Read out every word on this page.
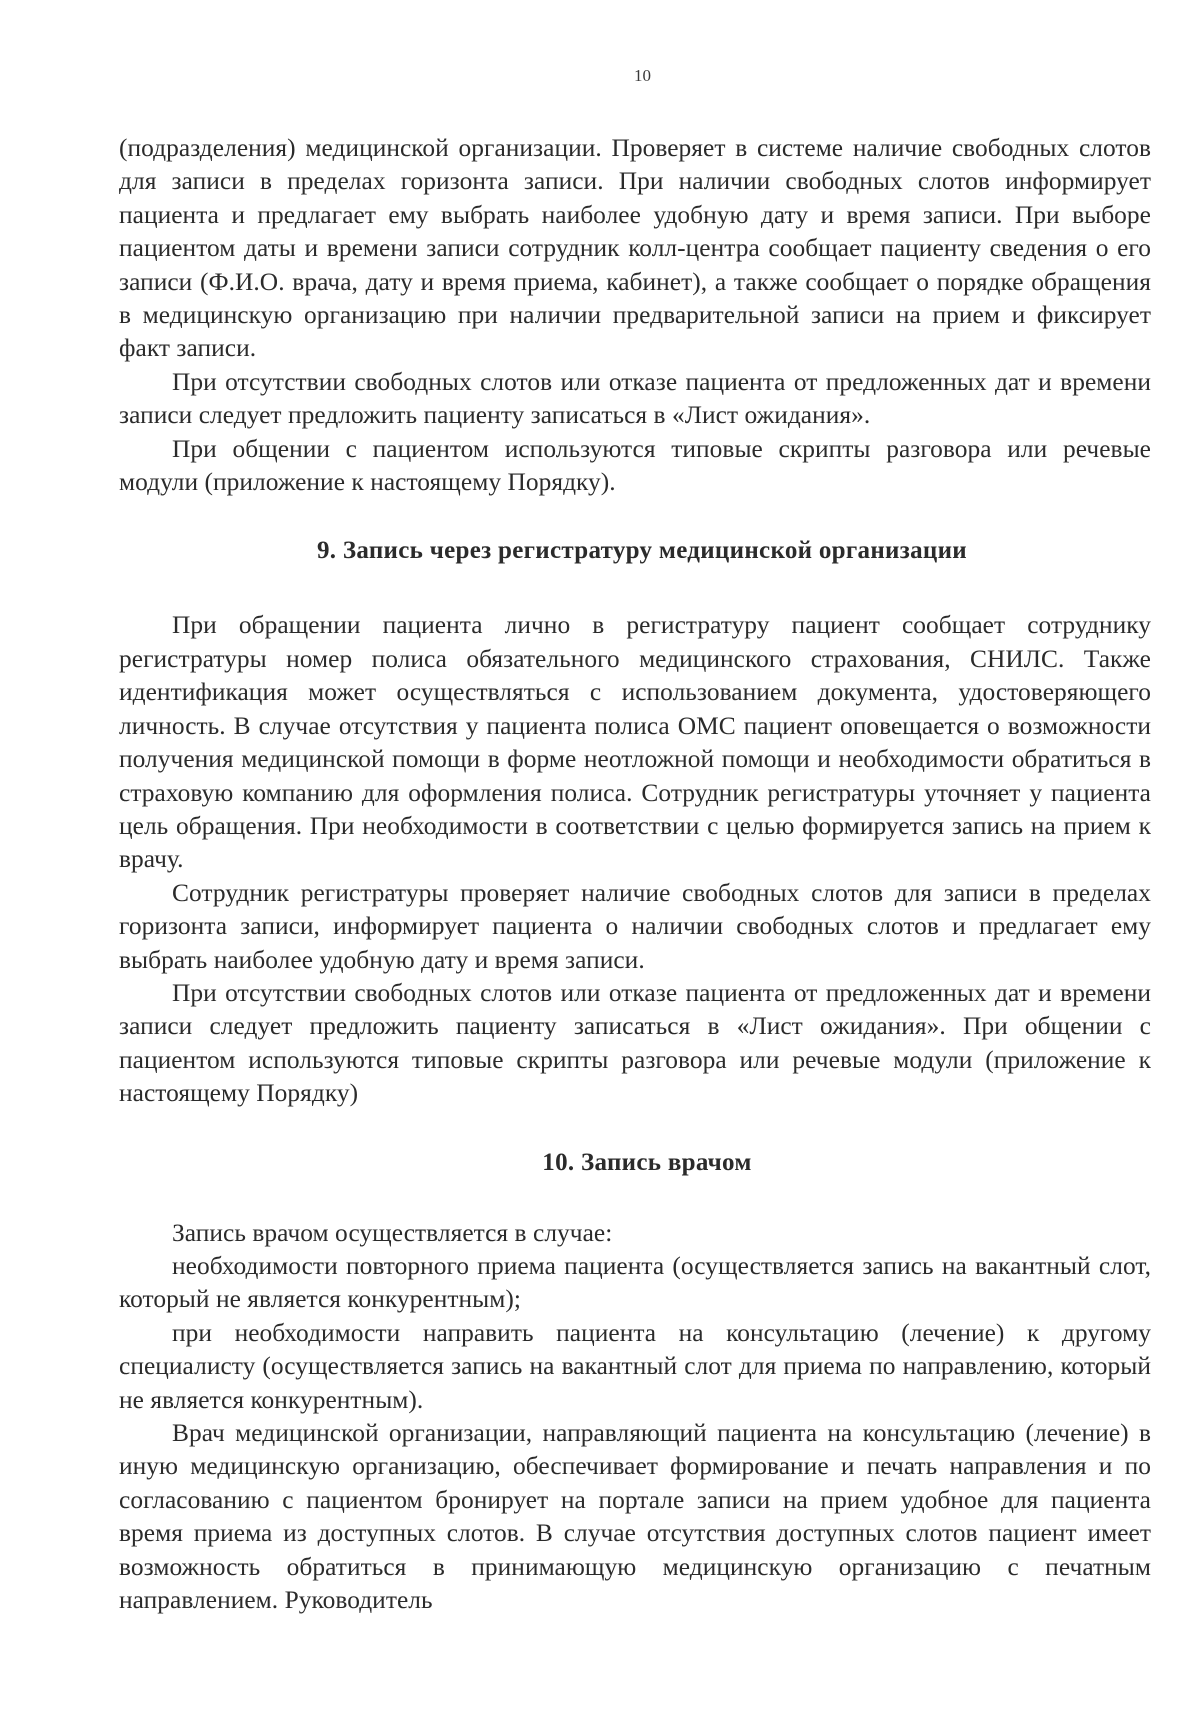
10

(подразделения) медицинской организации. Проверяет в системе наличие свободных слотов для записи в пределах горизонта записи. При наличии свободных слотов информирует пациента и предлагает ему выбрать наиболее удобную дату и время записи. При выборе пациентом даты и времени записи сотрудник колл-центра сообщает пациенту сведения о его записи (Ф.И.О. врача, дату и время приема, кабинет), а также сообщает о порядке обращения в медицинскую организацию при наличии предварительной записи на прием и фиксирует факт записи.

При отсутствии свободных слотов или отказе пациента от предложенных дат и времени записи следует предложить пациенту записаться в «Лист ожидания».

При общении с пациентом используются типовые скрипты разговора или речевые модули (приложение к настоящему Порядку).

9. Запись через регистратуру медицинской организации

При обращении пациента лично в регистратуру пациент сообщает сотруднику регистратуры номер полиса обязательного медицинского страхования, СНИЛС. Также идентификация может осуществляться с использованием документа, удостоверяющего личность. В случае отсутствия у пациента полиса ОМС пациент оповещается о возможности получения медицинской помощи в форме неотложной помощи и необходимости обратиться в страховую компанию для оформления полиса. Сотрудник регистратуры уточняет у пациента цель обращения. При необходимости в соответствии с целью формируется запись на прием к врачу.

Сотрудник регистратуры проверяет наличие свободных слотов для записи в пределах горизонта записи, информирует пациента о наличии свободных слотов и предлагает ему выбрать наиболее удобную дату и время записи.

При отсутствии свободных слотов или отказе пациента от предложенных дат и времени записи следует предложить пациенту записаться в «Лист ожидания». При общении с пациентом используются типовые скрипты разговора или речевые модули (приложение к настоящему Порядку)

10. Запись врачом

Запись врачом осуществляется в случае:

необходимости повторного приема пациента (осуществляется запись на вакантный слот, который не является конкурентным);

при необходимости направить пациента на консультацию (лечение) к другому специалисту (осуществляется запись на вакантный слот для приема по направлению, который не является конкурентным).

Врач медицинской организации, направляющий пациента на консультацию (лечение) в иную медицинскую организацию, обеспечивает формирование и печать направления и по согласованию с пациентом бронирует на портале записи на прием удобное для пациента время приема из доступных слотов. В случае отсутствия доступных слотов пациент имеет возможность обратиться в принимающую медицинскую организацию с печатным направлением. Руководитель
